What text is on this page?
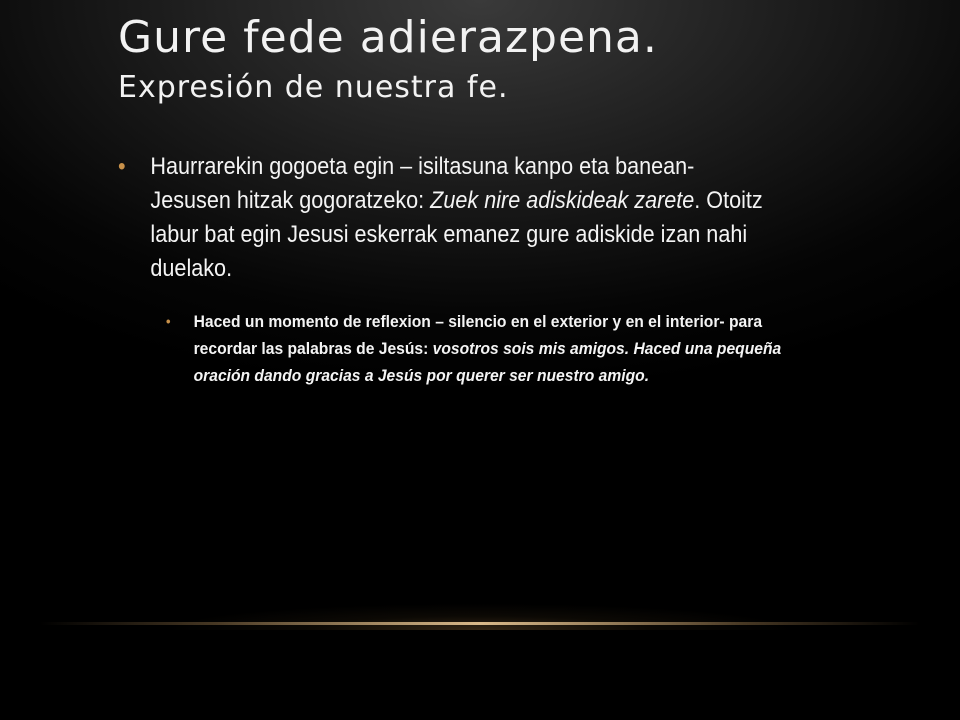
Gure fede adierazpena.
Expresión de nuestra fe.

• Haurrarekin gogoeta egin – isiltasuna kanpo eta banean- Jesusen hitzak gogoratzeko: Zuek nire adiskideak zarete. Otoitz labur bat egin Jesusi eskerrak emanez gure adiskide izan nahi duelako.

• Haced un momento de reflexion – silencio en el exterior y en el interior- para recordar las palabras de Jesús: vosotros sois mis amigos. Haced una pequeña oración dando gracias a Jesús por querer ser nuestro amigo.
